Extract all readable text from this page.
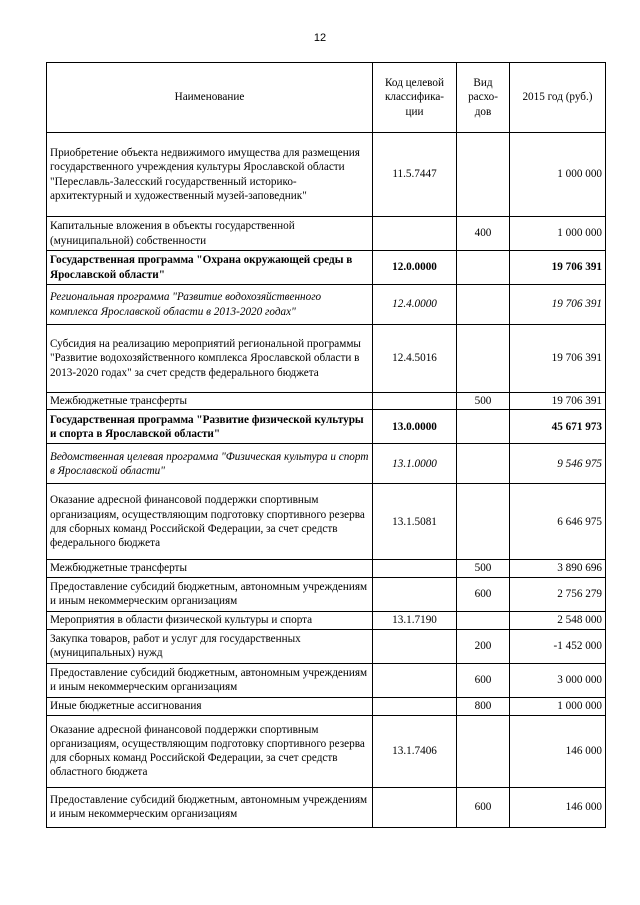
12
Наименование	Код целевой классифика-ции	Вид расхо-дов	2015 год (руб.)
Приобретение объекта недвижимого имущества для размещения государственного учреждения культуры Ярославской области "Переславль-Залесский государственный историко-архитектурный и художественный музей-заповедник"	11.5.7447		1 000 000
Капитальные вложения в объекты государственной (муниципальной) собственности		400	1 000 000
Государственная программа "Охрана окружающей среды в Ярославской области"	12.0.0000		19 706 391
Региональная программа "Развитие водохозяйственного комплекса Ярославской области в 2013-2020 годах"	12.4.0000		19 706 391
Субсидия на реализацию мероприятий региональной программы "Развитие водохозяйственного комплекса Ярославской области в 2013-2020 годах" за счет средств федерального бюджета	12.4.5016		19 706 391
Межбюджетные трансферты		500	19 706 391
Государственная программа "Развитие физической культуры и спорта в Ярославской области"	13.0.0000		45 671 973
Ведомственная целевая программа "Физическая культура и спорт в Ярославской области"	13.1.0000		9 546 975
Оказание адресной финансовой поддержки спортивным организациям, осуществляющим подготовку спортивного резерва для сборных команд Российской Федерации, за счет средств федерального бюджета	13.1.5081		6 646 975
Межбюджетные трансферты		500	3 890 696
Предоставление субсидий бюджетным, автономным учреждениям и иным некоммерческим организациям		600	2 756 279
Мероприятия в области физической культуры и спорта	13.1.7190		2 548 000
Закупка товаров, работ и услуг для государственных (муниципальных) нужд		200	-1 452 000
Предоставление субсидий бюджетным, автономным учреждениям и иным некоммерческим организациям		600	3 000 000
Иные бюджетные ассигнования		800	1 000 000
Оказание адресной финансовой поддержки спортивным организациям, осуществляющим подготовку спортивного резерва для сборных команд Российской Федерации, за счет средств областного бюджета	13.1.7406		146 000
Предоставление субсидий бюджетным, автономным учреждениям и иным некоммерческим организациям		600	146 000
